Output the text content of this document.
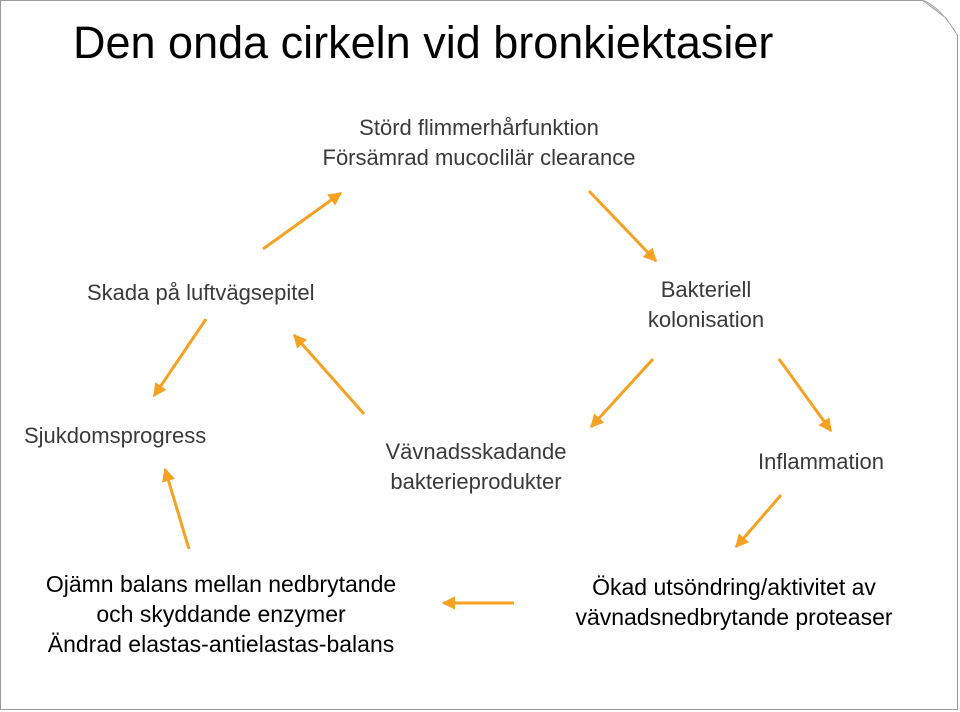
Den onda cirkeln vid bronkiektasier
Störd flimmerhårfunktion
Försämrad mucoclilär clearance
Skada på luftvägsepitel	Bakteriell
kolonisation
Sjukdomsprogress
Vävnadsskadande
bakterieprodukter
Inflammation
Ojämn balans mellan nedbrytande
och skyddande enzymer
Ändrad elastas-antielastas-balans
Ökad utsöndring/aktivitet av
vävnadsnedbrytande proteaser
